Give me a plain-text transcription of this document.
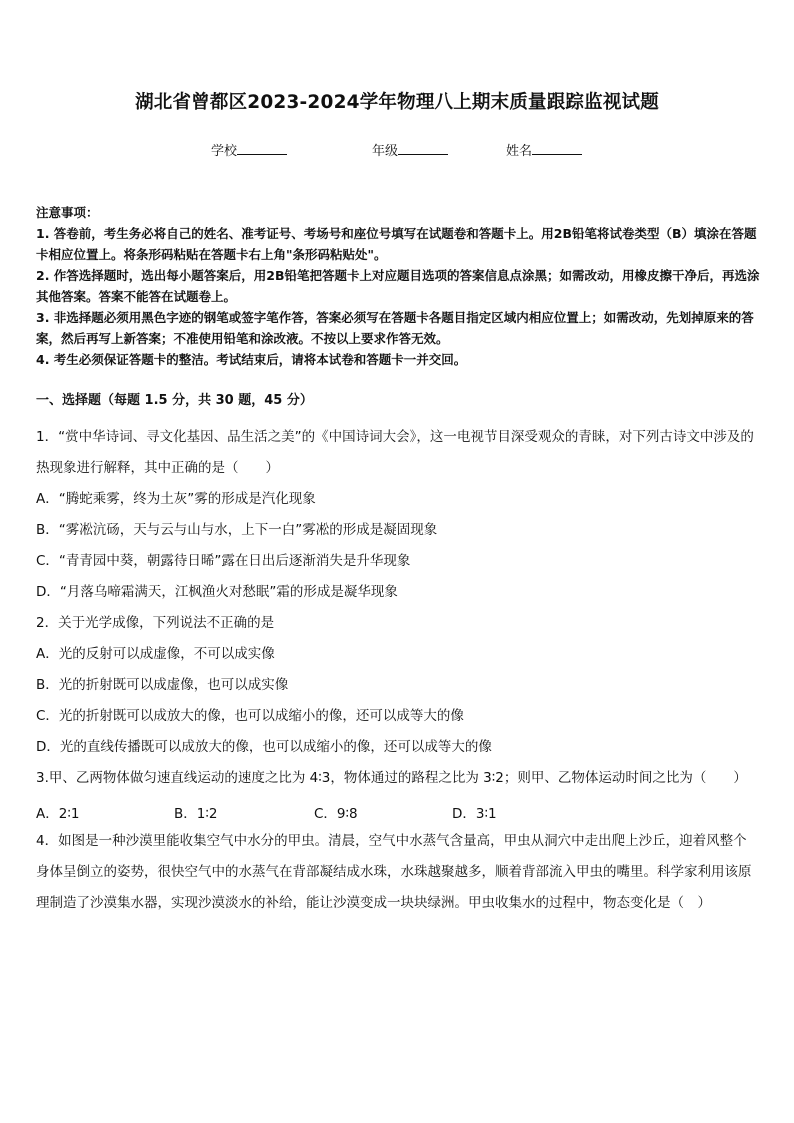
湖北省曾都区2023-2024学年物理八上期末质量跟踪监视试题
学校	年级	姓名

注意事项：

1. 答卷前，考生务必将自己的姓名、准考证号、考场号和座位号填写在试题卷和答题卡上。用2B铅笔将试卷类型（B）填涂在答题卡相应位置上。将条形码粘贴在答题卡右上角"条形码粘贴处"。

2. 作答选择题时，选出每小题答案后，用2B铅笔把答题卡上对应题目选项的答案信息点涂黑；如需改动，用橡皮擦干净后，再选涂其他答案。答案不能答在试题卷上。

3. 非选择题必须用黑色字迹的钢笔或签字笔作答，答案必须写在答题卡各题目指定区域内相应位置上；如需改动，先划掉原来的答案，然后再写上新答案；不准使用铅笔和涂改液。不按以上要求作答无效。

4. 考生必须保证答题卡的整洁。考试结束后，请将本试卷和答题卡一并交回。

一、选择题（每题 1.5 分，共 30 题，45 分）

1．“赏中华诗词、寻文化基因、品生活之美”的《中国诗词大会》，这一电视节目深受观众的青睐，对下列古诗文中涉及的热现象进行解释，其中正确的是（　　）

A．“腾蛇乘雾，终为土灰”雾的形成是汽化现象

B．“雾凇沆砀，天与云与山与水，上下一白”雾凇的形成是凝固现象

C．“青青园中葵，朝露待日晞”露在日出后逐渐消失是升华现象

D．“月落乌啼霜满天，江枫渔火对愁眠”霜的形成是凝华现象

2．关于光学成像，下列说法不正确的是

A．光的反射可以成虚像，不可以成实像

B．光的折射既可以成虚像，也可以成实像

C．光的折射既可以成放大的像，也可以成缩小的像，还可以成等大的像

D．光的直线传播既可以成放大的像，也可以成缩小的像，还可以成等大的像

3.甲、乙两物体做匀速直线运动的速度之比为 4∶3，物体通过的路程之比为 3∶2；则甲、乙物体运动时间之比为（　　）

A．2∶1	B．1∶2	C．9∶8	D．3∶1

4．如图是一种沙漠里能收集空气中水分的甲虫。清晨，空气中水蒸气含量高，甲虫从洞穴中走出爬上沙丘，迎着风整个身体呈倒立的姿势，很快空气中的水蒸气在背部凝结成水珠，水珠越聚越多，顺着背部流入甲虫的嘴里。科学家利用该原理制造了沙漠集水器，实现沙漠淡水的补给，能让沙漠变成一块块绿洲。甲虫收集水的过程中，物态变化是（　）
